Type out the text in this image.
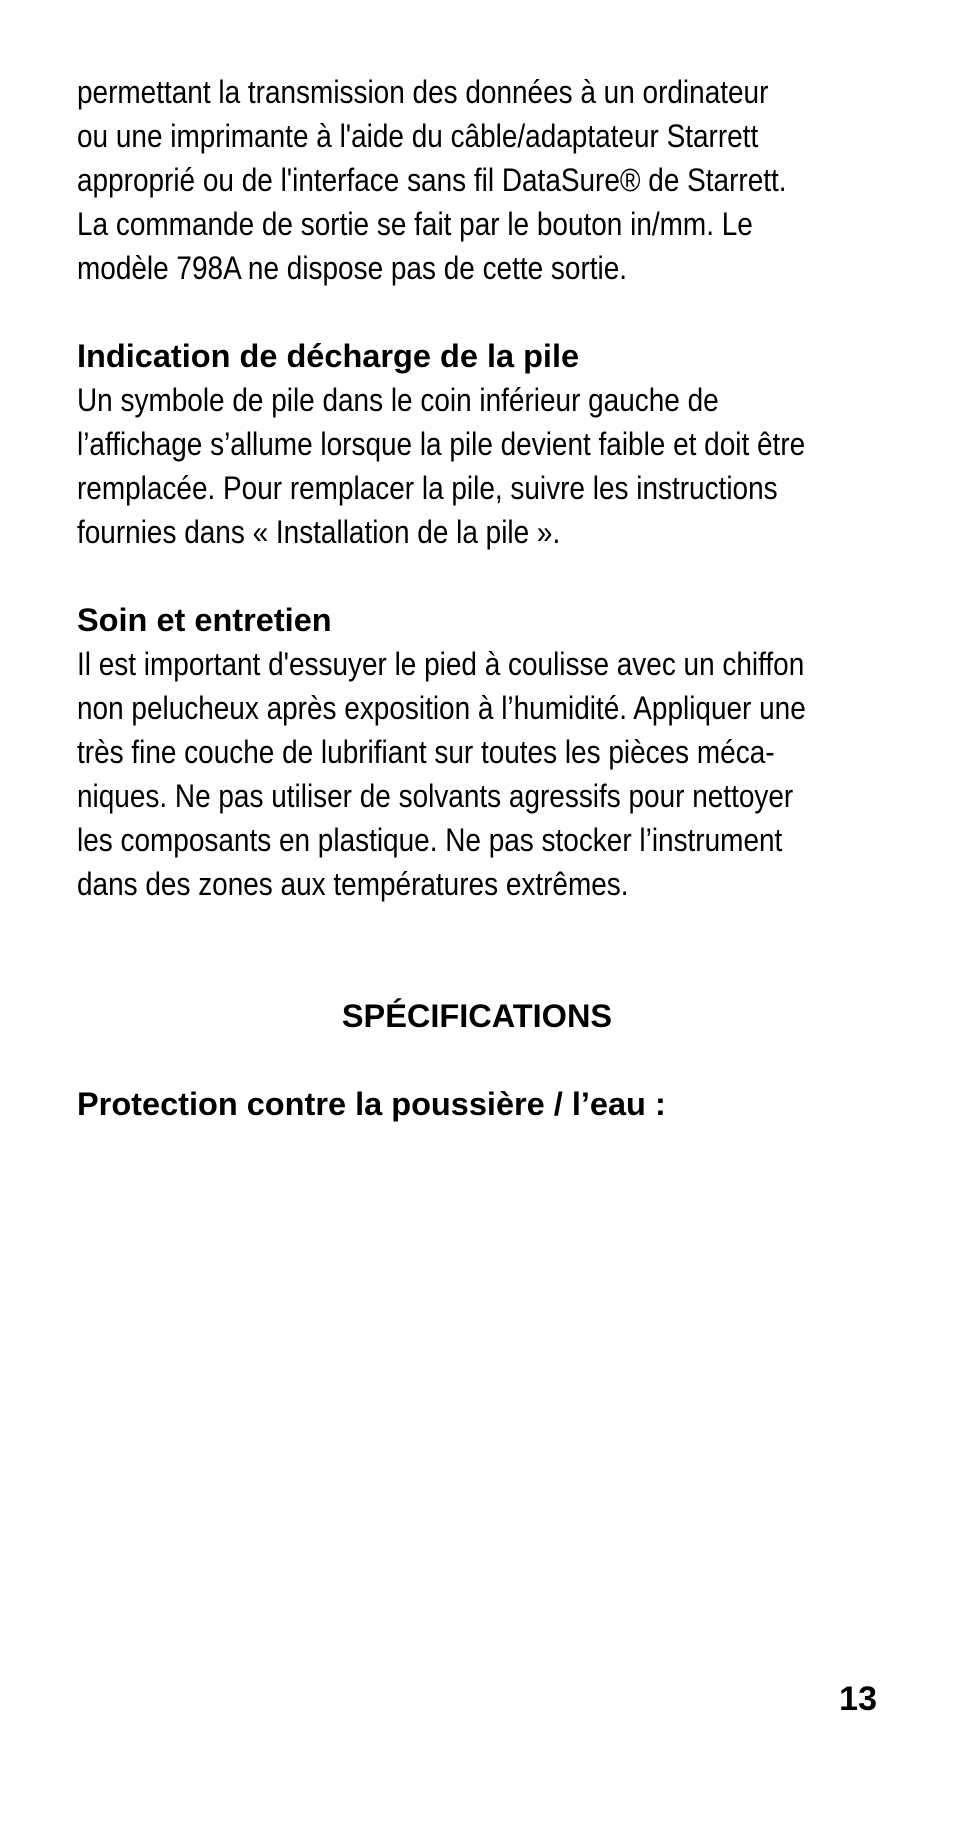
permettant la transmission des données à un ordinateur
ou une imprimante à l'aide du câble/adaptateur Starrett
approprié ou de l'interface sans fil DataSure® de Starrett.
La commande de sortie se fait par le bouton in/mm. Le
modèle 798A ne dispose pas de cette sortie.
Indication de décharge de la pile
Un symbole de pile dans le coin inférieur gauche de
l’affichage s’allume lorsque la pile devient faible et doit être
remplacée. Pour remplacer la pile, suivre les instructions
fournies dans « Installation de la pile ».
Soin et entretien
Il est important d'essuyer le pied à coulisse avec un chiffon
non pelucheux après exposition à l’humidité. Appliquer une
très fine couche de lubrifiant sur toutes les pièces méca-
niques. Ne pas utiliser de solvants agressifs pour nettoyer
les composants en plastique. Ne pas stocker l’instrument
dans des zones aux températures extrêmes.
SPÉCIFICATIONS
Protection contre la poussière / l’eau :
13
